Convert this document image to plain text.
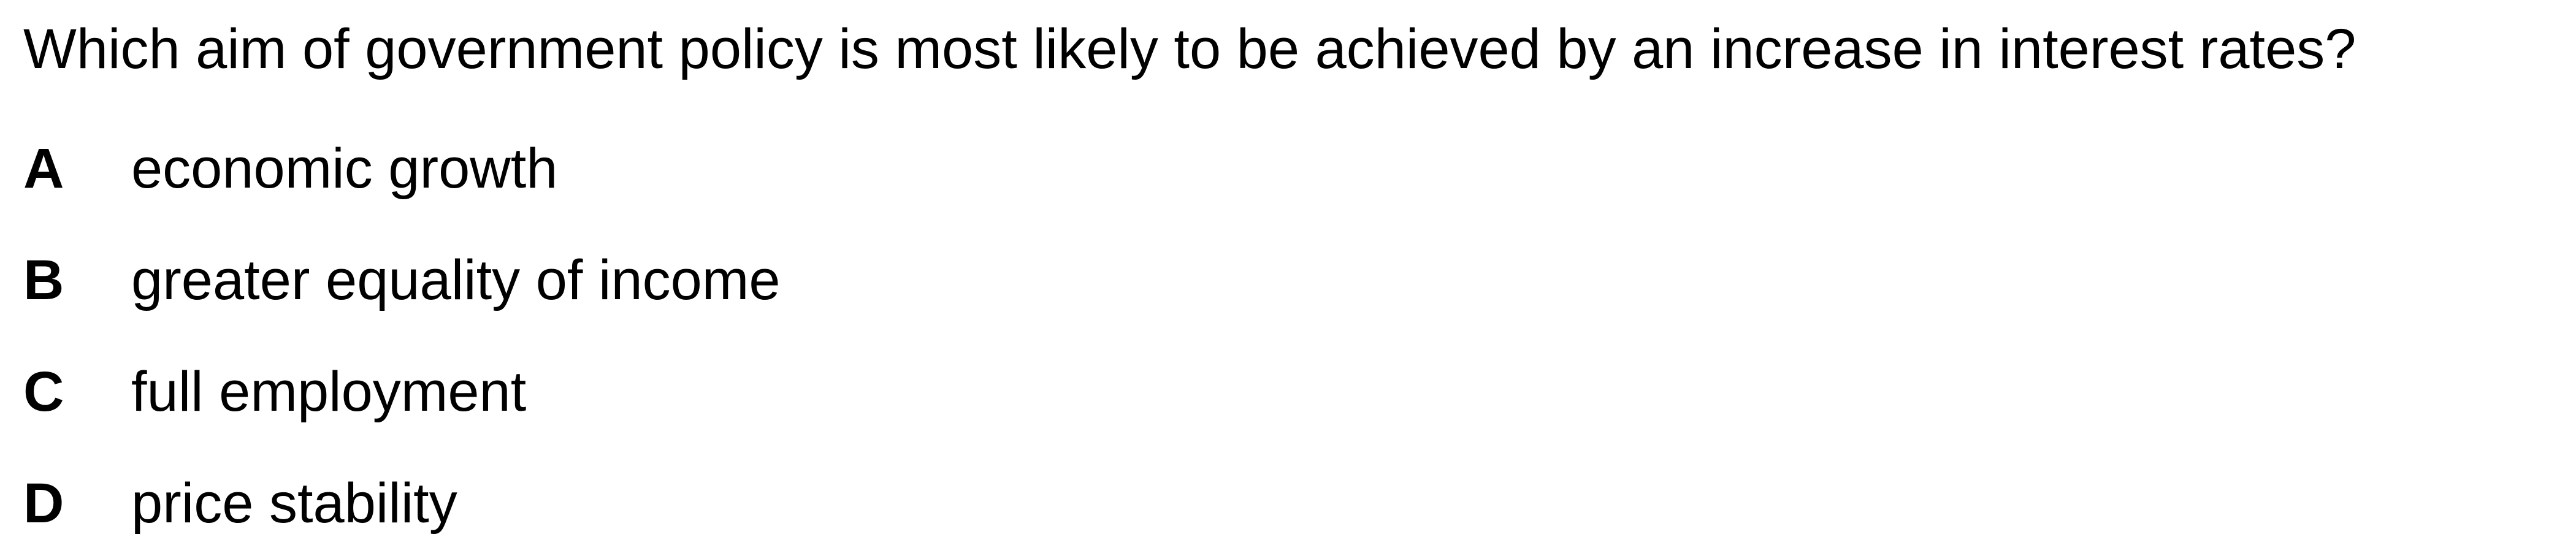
Which aim of government policy is most likely to be achieved by an increase in interest rates?
A economic growth
B greater equality of income
C full employment
D price stability
